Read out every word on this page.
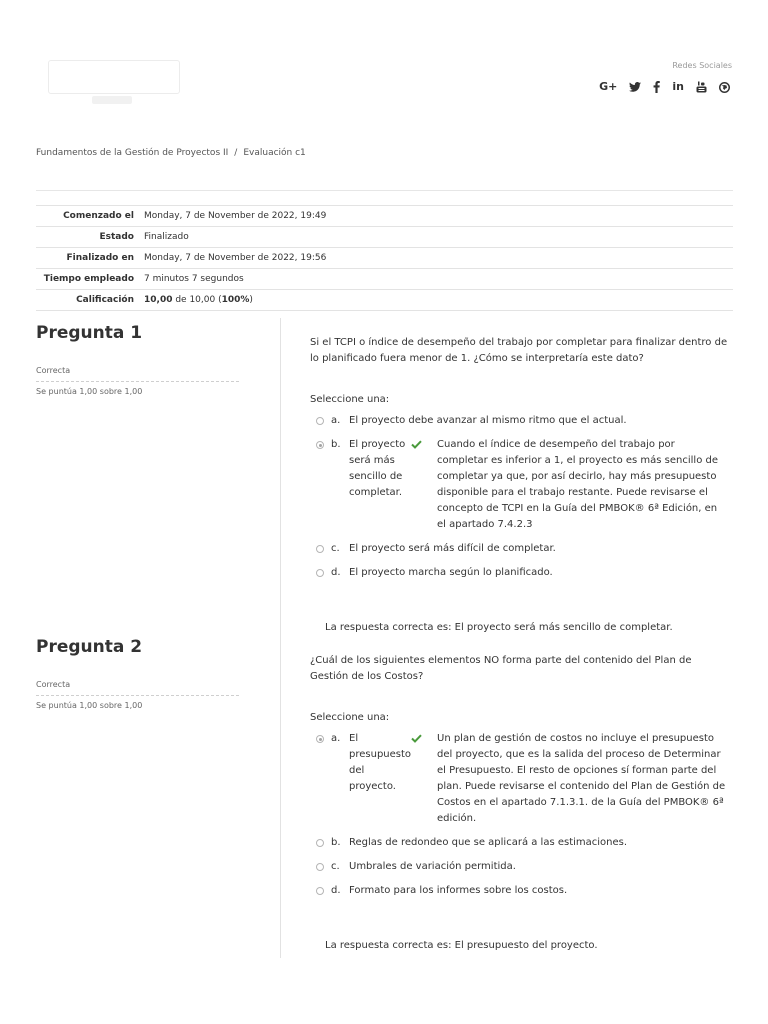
Redes Sociales
G+	in
Fundamentos de la Gestión de Proyectos II / Evaluación c1
Comenzado el	Monday, 7 de November de 2022, 19:49
Estado	Finalizado
Finalizado en	Monday, 7 de November de 2022, 19:56
Tiempo empleado	7 minutos 7 segundos
Calificación	10,00 de 10,00 (100%)
Pregunta 1
Correcta
Se puntúa 1,00 sobre 1,00

Si el TCPI o índice de desempeño del trabajo por completar para finalizar dentro de lo planificado fuera menor de 1. ¿Cómo se interpretaría este dato?

Seleccione una:

a. El proyecto debe avanzar al mismo ritmo que el actual.
b. El proyecto será más sencillo de completar.
Cuando el índice de desempeño del trabajo por completar es inferior a 1, el proyecto es más sencillo de completar ya que, por así decirlo, hay más presupuesto disponible para el trabajo restante. Puede revisarse el concepto de TCPI en la Guía del PMBOK® 6ª Edición, en el apartado 7.4.2.3
c. El proyecto será más difícil de completar.
d. El proyecto marcha según lo planificado.

La respuesta correcta es: El proyecto será más sencillo de completar.

Pregunta 2
Correcta
Se puntúa 1,00 sobre 1,00

¿Cuál de los siguientes elementos NO forma parte del contenido del Plan de Gestión de los Costos?

Seleccione una:

a. El presupuesto del proyecto.
Un plan de gestión de costos no incluye el presupuesto del proyecto, que es la salida del proceso de Determinar el Presupuesto. El resto de opciones sí forman parte del plan. Puede revisarse el contenido del Plan de Gestión de Costos en el apartado 7.1.3.1. de la Guía del PMBOK® 6ª edición.
b. Reglas de redondeo que se aplicará a las estimaciones.
c. Umbrales de variación permitida.
d. Formato para los informes sobre los costos.

La respuesta correcta es: El presupuesto del proyecto.
